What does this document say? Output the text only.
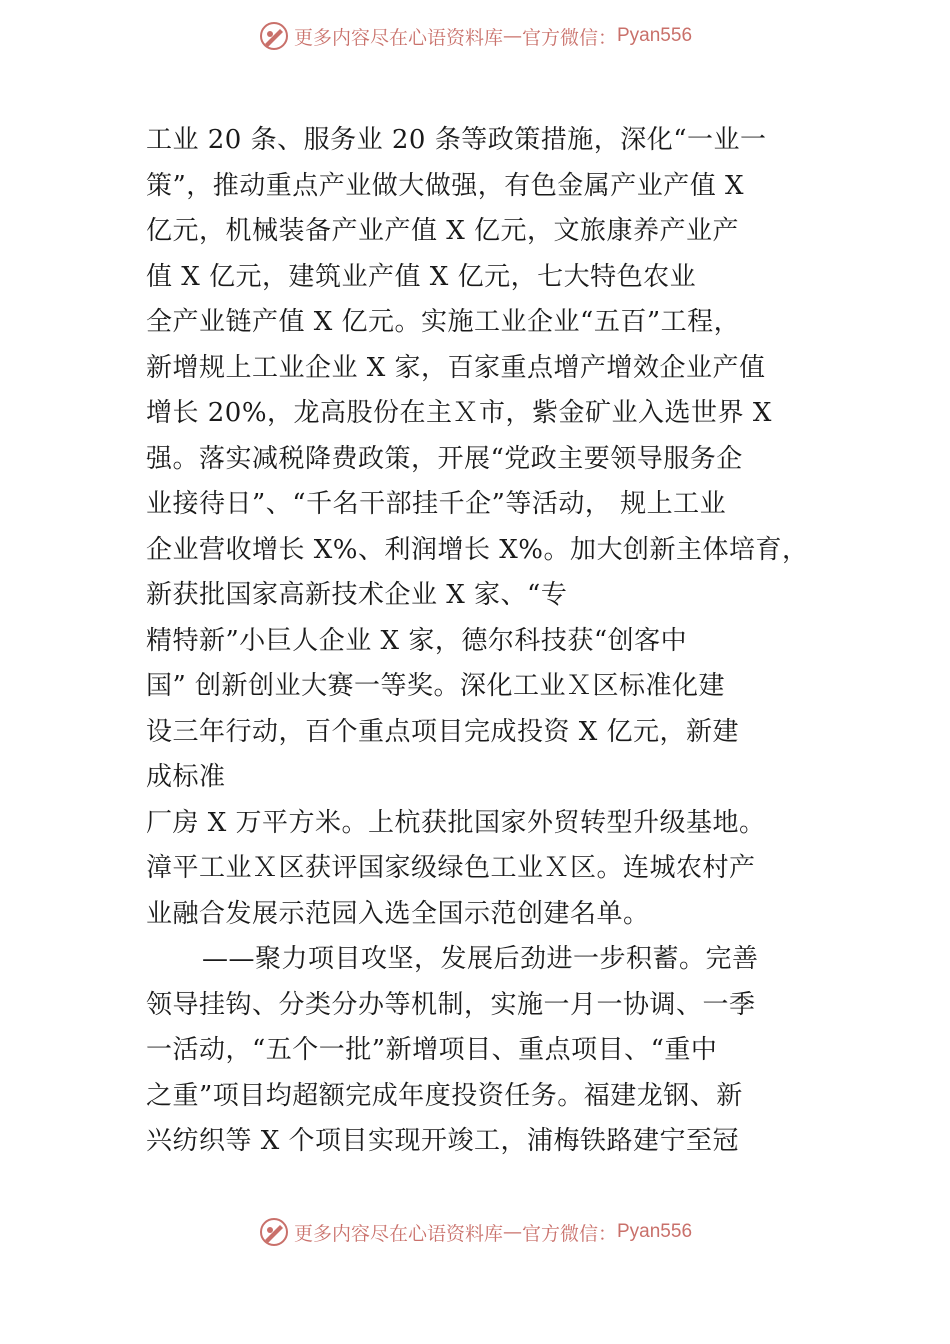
更多内容尽在心语资料库 — 官方微信： Pyan556
工业 20 条、服务业 20 条等政策措施，深化“一业一
策”，推动重点产业做大做强，有色金属产业产值 X
亿元，机械装备产业产值 X 亿元，文旅康养产业产
值 X 亿元，建筑业产值 X 亿元，七大特色农业
全产业链产值 X 亿元。实施工业企业“五百”工程，
新增规上工业企业 X 家，百家重点增产增效企业产值
增长 20%，龙高股份在主Ｘ市，紫金矿业入选世界 X
强。落实减税降费政策，开展“党政主要领导服务企
业接待日”、“千名干部挂千企”等活动， 规上工业
企业营收增长 X%、利润增长 X%。加大创新主体培育，
新获批国家高新技术企业 X 家、“专
精特新”小巨人企业 X 家，德尔科技获“创客中
国” 创新创业大赛一等奖。深化工业Ｘ区标准化建
设三年行动，百个重点项目完成投资 X 亿元，新建
成标准
厂房 X 万平方米。上杭获批国家外贸转型升级基地。
漳平工业Ｘ区获评国家级绿色工业Ｘ区。连城农村产
业融合发展示范园入选全国示范创建名单。
——聚力项目攻坚，发展后劲进一步积蓄。完善
领导挂钩、分类分办等机制，实施一月一协调、一季
一活动，“五个一批”新增项目、重点项目、“重中
之重”项目均超额完成年度投资任务。福建龙钢、新
兴纺织等 X 个项目实现开竣工，浦梅铁路建宁至冠
更多内容尽在心语资料库 — 官方微信： Pyan556
